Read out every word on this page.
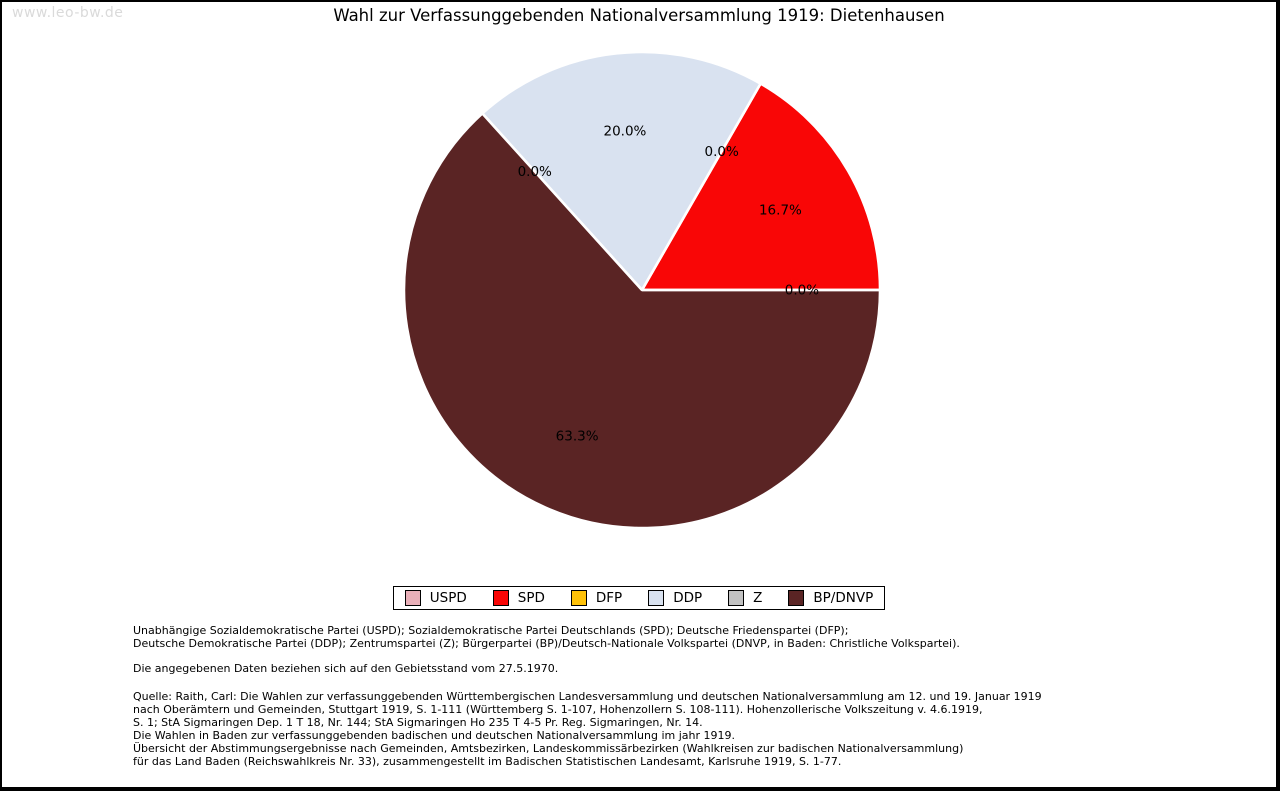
www.leo-bw.de	Wahl zur Verfassunggebenden Nationalversammlung 1919: Dietenhausen
0.0%
16.7%
0.0%
20.0%
0.0%
63.3%
USPD	SPD	DFP	DDP	Z	BP/DNVP

Unabhängige Sozialdemokratische Partei (USPD); Sozialdemokratische Partei Deutschlands (SPD); Deutsche Friedenspartei (DFP);
Deutsche Demokratische Partei (DDP); Zentrumspartei (Z); Bürgerpartei (BP)/Deutsch-Nationale Volkspartei (DNVP, in Baden: Christliche Volkspartei).

Die angegebenen Daten beziehen sich auf den Gebietsstand vom 27.5.1970.

Quelle: Raith, Carl: Die Wahlen zur verfassunggebenden Württembergischen Landesversammlung und deutschen Nationalversammlung am 12. und 19. Januar 1919
nach Oberämtern und Gemeinden, Stuttgart 1919, S. 1-111 (Württemberg S. 1-107, Hohenzollern S. 108-111). Hohenzollerische Volkszeitung v. 4.6.1919,
S. 1; StA Sigmaringen Dep. 1 T 18, Nr. 144; StA Sigmaringen Ho 235 T 4-5 Pr. Reg. Sigmaringen, Nr. 14.
Die Wahlen in Baden zur verfassunggebenden badischen und deutschen Nationalversammlung im jahr 1919.
Übersicht der Abstimmungsergebnisse nach Gemeinden, Amtsbezirken, Landeskommissärbezirken (Wahlkreisen zur badischen Nationalversammlung)
für das Land Baden (Reichswahlkreis Nr. 33), zusammengestellt im Badischen Statistischen Landesamt, Karlsruhe 1919, S. 1-77.
